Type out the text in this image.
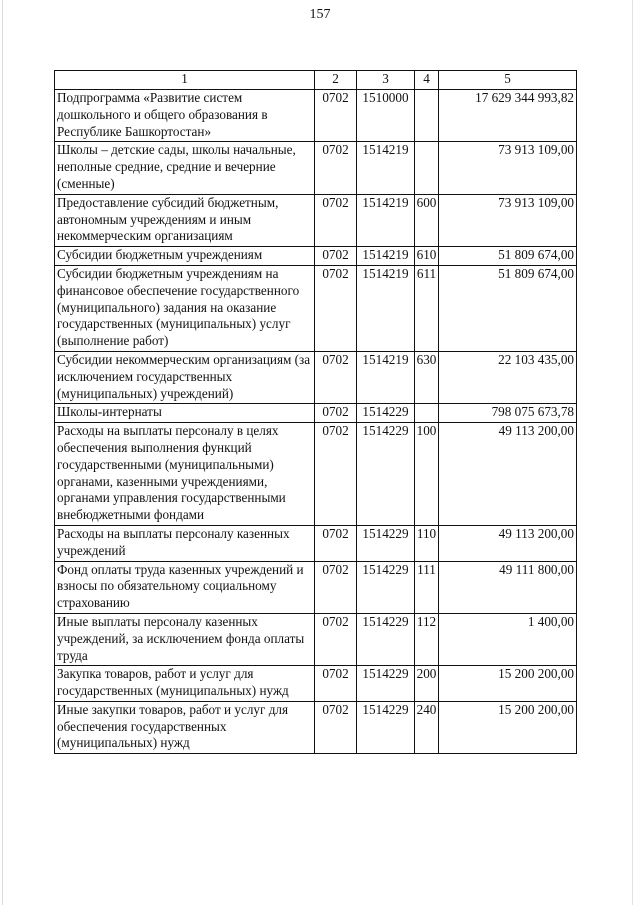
157
1	2	3	4	5
Подпрограмма «Развитие систем дошкольного и общего образования в Республике Башкортостан»	0702	1510000		17 629 344 993,82
Школы – детские сады, школы начальные, неполные средние, средние и вечерние (сменные)	0702	1514219		73 913 109,00
Предоставление субсидий бюджетным, автономным учреждениям и иным некоммерческим организациям	0702	1514219	600	73 913 109,00
Субсидии бюджетным учреждениям	0702	1514219	610	51 809 674,00
Субсидии бюджетным учреждениям на финансовое обеспечение государственного (муниципального) задания на оказание государственных (муниципальных) услуг (выполнение работ)	0702	1514219	611	51 809 674,00
Субсидии некоммерческим организациям (за исключением государственных (муниципальных) учреждений)	0702	1514219	630	22 103 435,00
Школы-интернаты	0702	1514229		798 075 673,78
Расходы на выплаты персоналу в целях обеспечения выполнения функций государственными (муниципальными) органами, казенными учреждениями, органами управления государственными внебюджетными фондами	0702	1514229	100	49 113 200,00
Расходы на выплаты персоналу казенных учреждений	0702	1514229	110	49 113 200,00
Фонд оплаты труда казенных учреждений и взносы по обязательному социальному страхованию	0702	1514229	111	49 111 800,00
Иные выплаты персоналу казенных учреждений, за исключением фонда оплаты труда	0702	1514229	112	1 400,00
Закупка товаров, работ и услуг для государственных (муниципальных) нужд	0702	1514229	200	15 200 200,00
Иные закупки товаров, работ и услуг для обеспечения государственных (муниципальных) нужд	0702	1514229	240	15 200 200,00
